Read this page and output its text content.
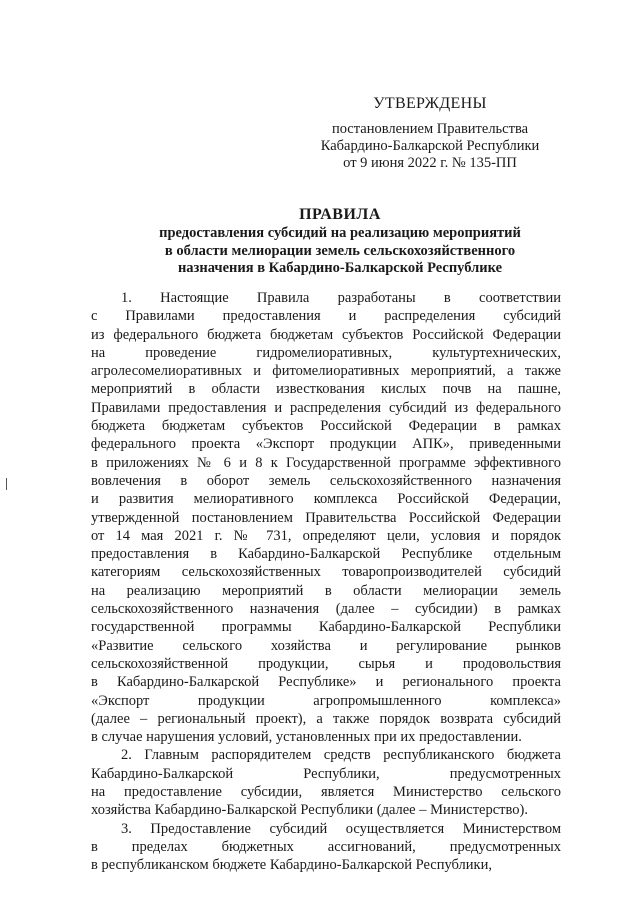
УТВЕРЖДЕНЫ
постановлением Правительства
Кабардино-Балкарской Республики
от 9 июня 2022 г. № 135-ПП
ПРАВИЛА
предоставления субсидий на реализацию мероприятий
в области мелиорации земель сельскохозяйственного
назначения в Кабардино-Балкарской Республике
1. Настоящие Правила разработаны в соответствии
с Правилами предоставления и распределения субсидий
из федерального бюджета бюджетам субъектов Российской Федерации
на проведение гидромелиоративных, культуртехнических,
агролесомелиоративных и фитомелиоративных мероприятий, а также
мероприятий в области известкования кислых почв на пашне,
Правилами предоставления и распределения субсидий из федерального
бюджета бюджетам субъектов Российской Федерации в рамках
федерального проекта «Экспорт продукции АПК», приведенными
в приложениях № 6 и 8 к Государственной программе эффективного
вовлечения в оборот земель сельскохозяйственного назначения
и развития мелиоративного комплекса Российской Федерации,
утвержденной постановлением Правительства Российской Федерации
от 14 мая 2021 г. № 731, определяют цели, условия и порядок
предоставления в Кабардино-Балкарской Республике отдельным
категориям сельскохозяйственных товаропроизводителей субсидий
на реализацию мероприятий в области мелиорации земель
сельскохозяйственного назначения (далее – субсидии) в рамках
государственной программы Кабардино-Балкарской Республики
«Развитие сельского хозяйства и регулирование рынков
сельскохозяйственной продукции, сырья и продовольствия
в Кабардино-Балкарской Республике» и регионального проекта
«Экспорт продукции агропромышленного комплекса»
(далее – региональный проект), а также порядок возврата субсидий
в случае нарушения условий, установленных при их предоставлении.
2. Главным распорядителем средств республиканского бюджета
Кабардино-Балкарской Республики, предусмотренных
на предоставление субсидии, является Министерство сельского
хозяйства Кабардино-Балкарской Республики (далее – Министерство).
3. Предоставление субсидий осуществляется Министерством
в пределах бюджетных ассигнований, предусмотренных
в республиканском бюджете Кабардино-Балкарской Республики,
